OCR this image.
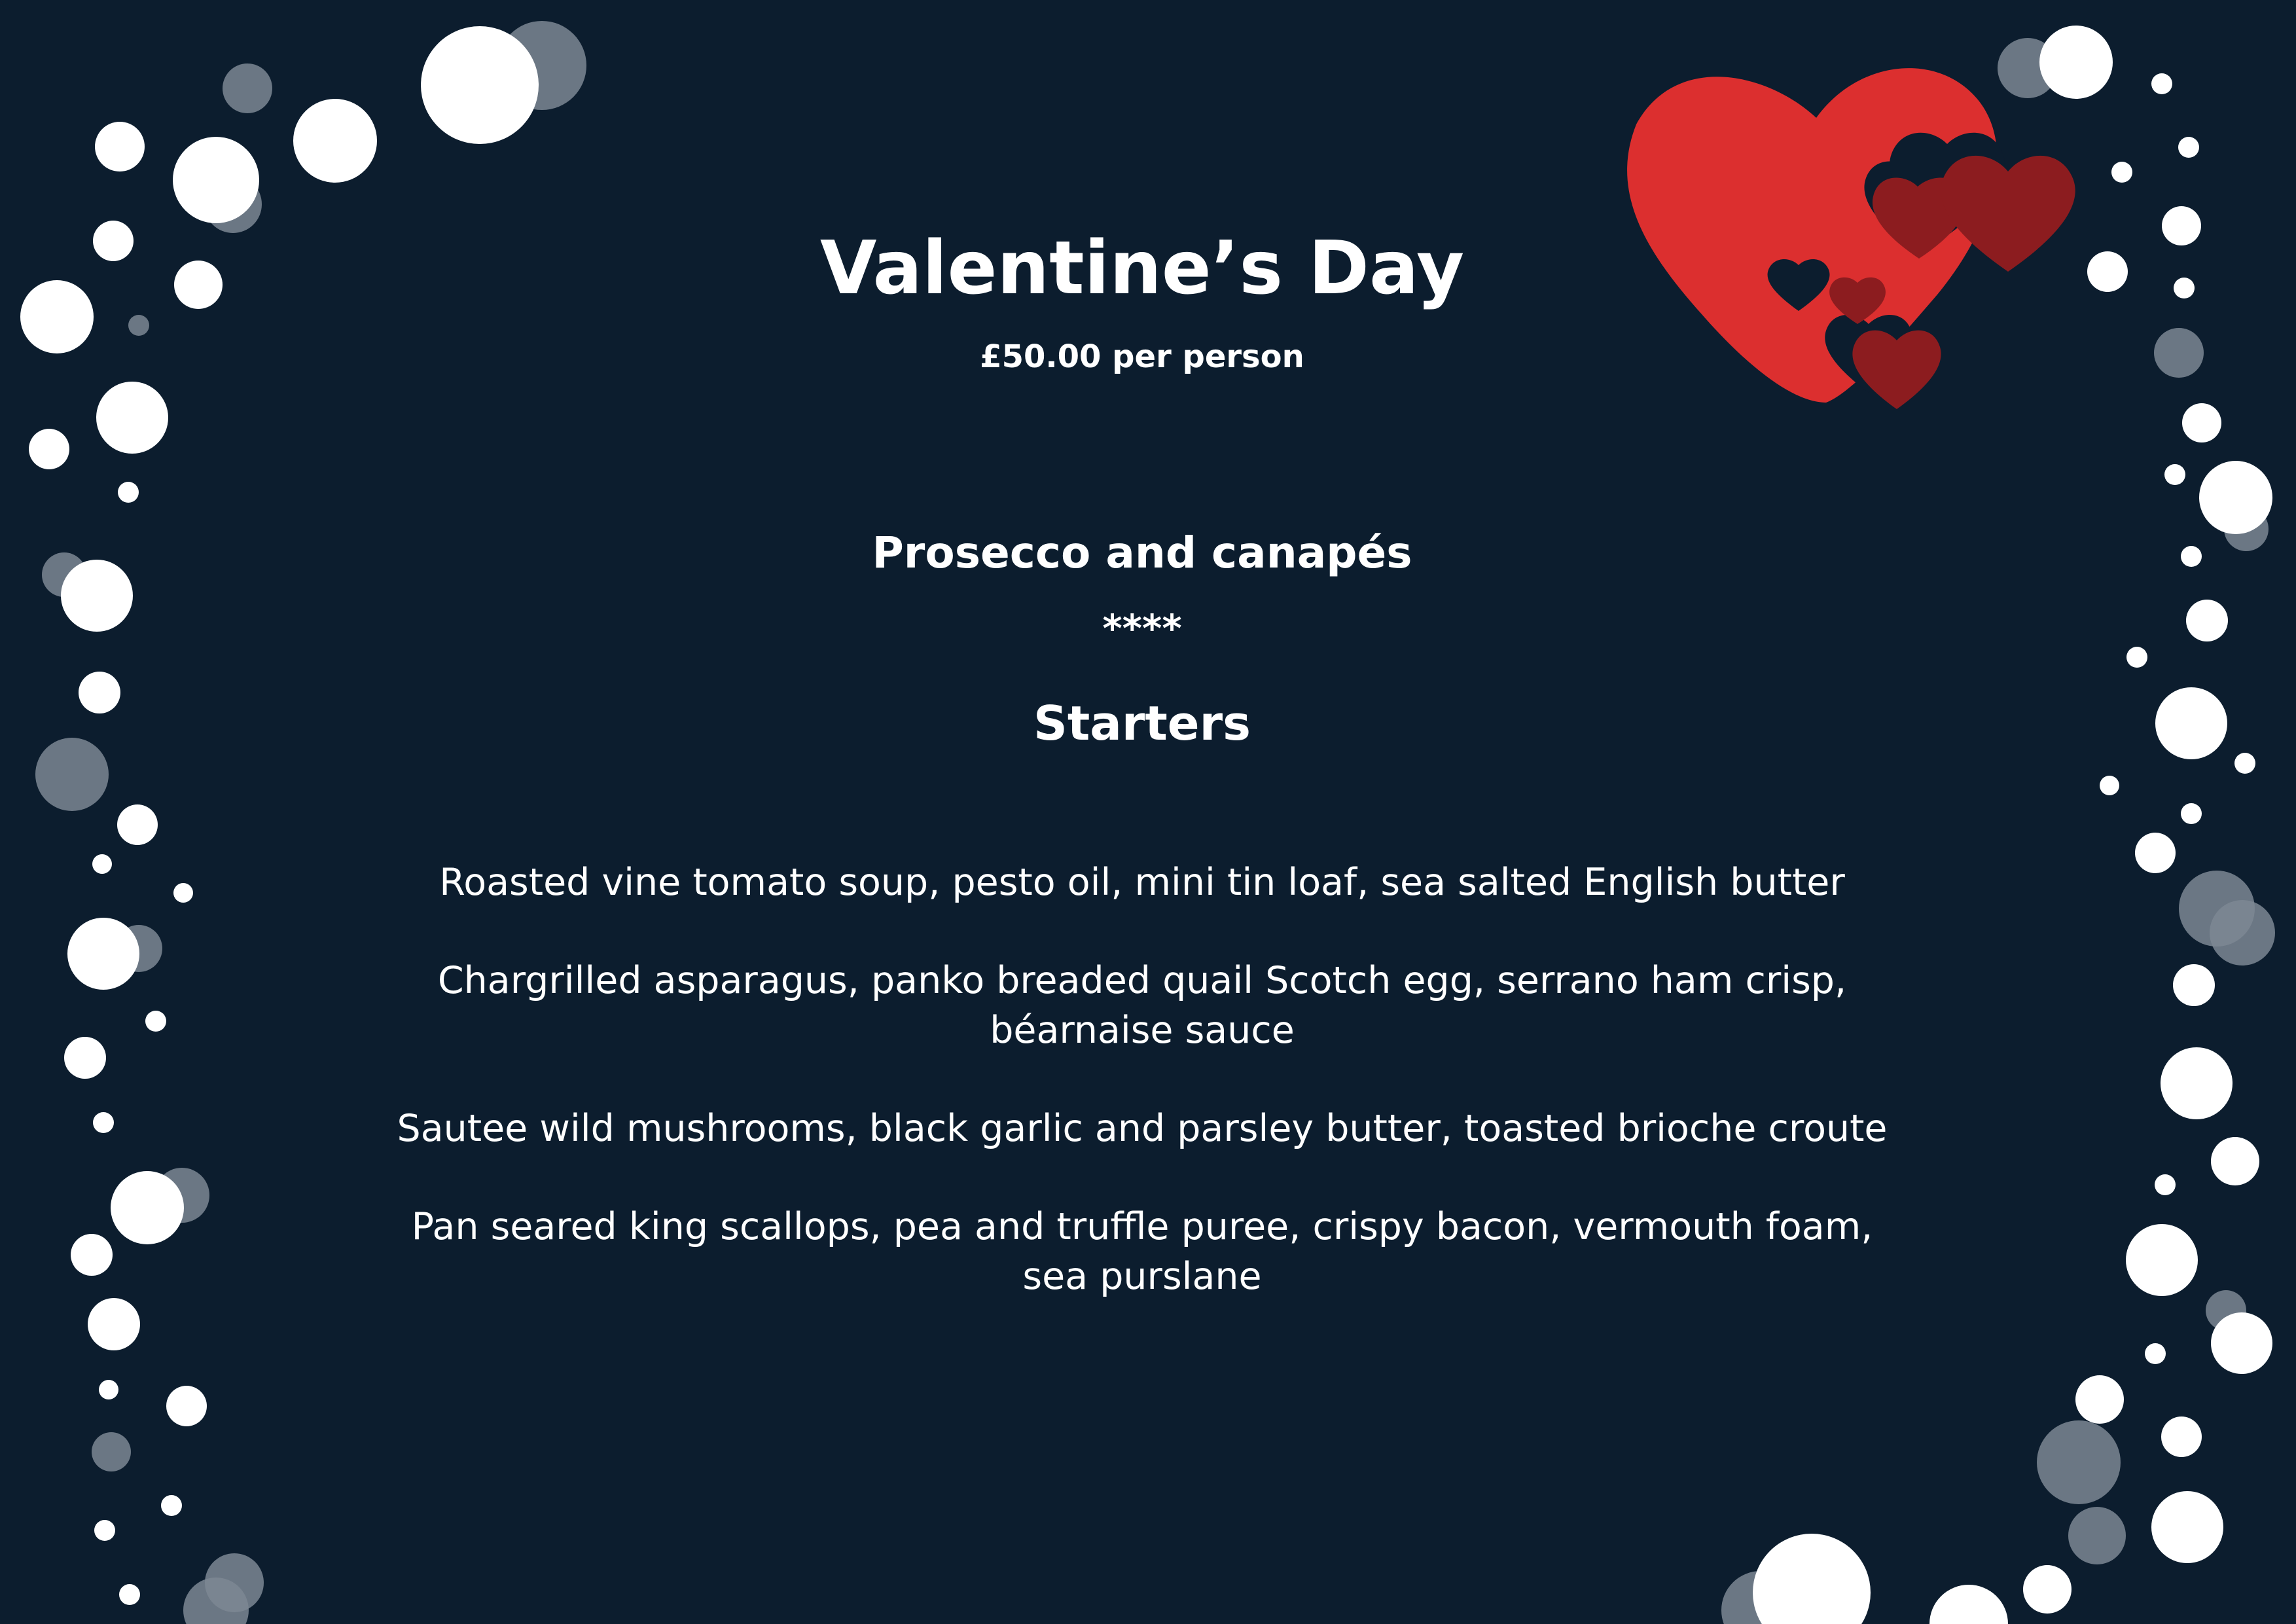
Valentine’s Day
£50.00 per person
Prosecco and canapés
****
Starters

Roasted vine tomato soup, pesto oil, mini tin loaf, sea salted English butter

Chargrilled asparagus, panko breaded quail Scotch egg, serrano ham crisp, béarnaise sauce

Sautee wild mushrooms, black garlic and parsley butter, toasted brioche croute

Pan seared king scallops, pea and truffle puree, crispy bacon, vermouth foam, sea purslane
